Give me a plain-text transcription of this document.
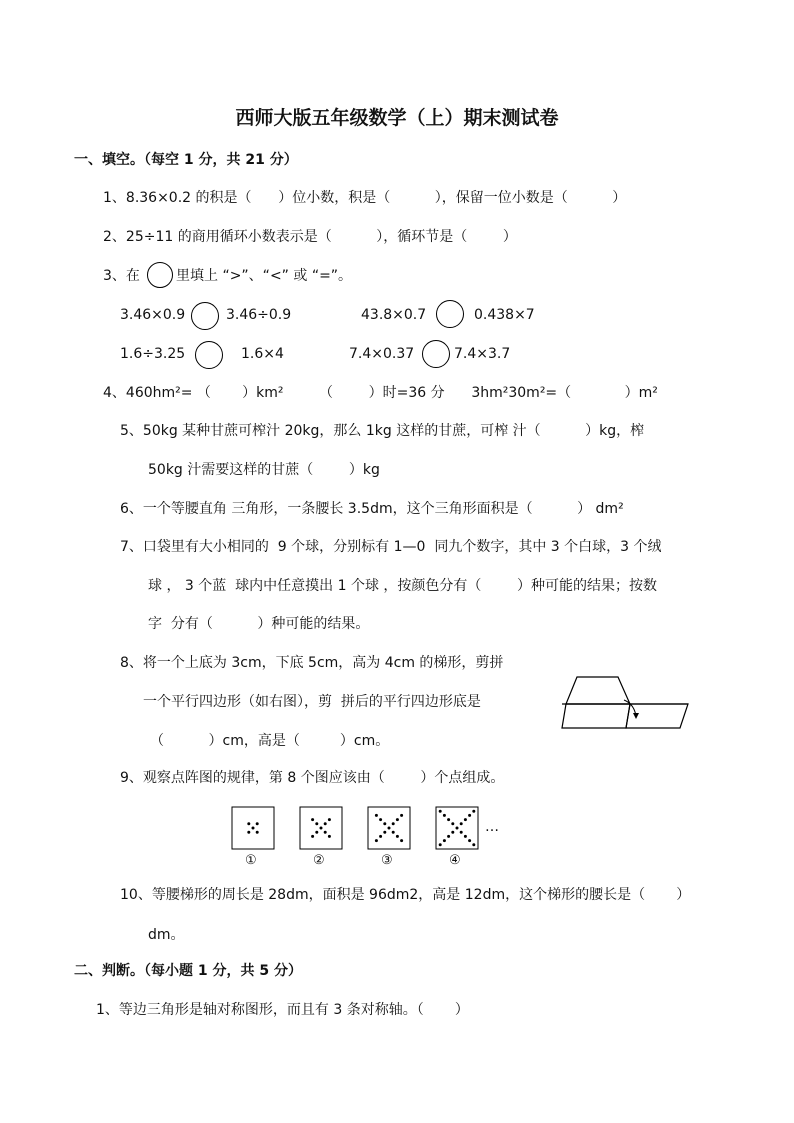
西师大版五年级数学（上）期末测试卷
一、填空。（每空 1 分，共 21 分）
1、8.36×0.2 的积是（      ）位小数，积是（          ），保留一位小数是（          ）
2、25÷11 的商用循环小数表示是（          ），循环节是（        ）
3、在	里填上 “>”、“<” 或 “=”。
3.46×0.9	3.46÷0.9	43.8×0.7	0.438×7
1.6÷3.25	1.6×4	7.4×0.37	7.4×3.7
4、460hm²= （       ）km²        （        ）时=36 分      3hm²30m²=（            ）m²
5、50kg 某种甘蔗可榨汁 20kg，那么 1kg 这样的甘蔗，可榨 汁（          ）kg，榨
50kg 汁需要这样的甘蔗（        ）kg
6、一个等腰直角 三角形，一条腰长 3.5dm，这个三角形面积是（          ） dm²
7、口袋里有大小相同的  9 个球，分别标有 1—0  同九个数字，其中 3 个白球，3 个绒
球 ， 3 个蓝  球内中任意摸出 1 个球 ，按颜色分有（        ）种可能的结果；按数
字  分有（          ）种可能的结果。
8、将一个上底为 3cm，下底 5cm，高为 4cm 的梯形，剪拼
一个平行四边形（如右图），剪  拼后的平行四边形底是
（          ）cm，高是（         ）cm。
9、观察点阵图的规律，第 8 个图应该由（        ）个点组成。
①	②	③	④
…
10、等腰梯形的周长是 28dm，面积是 96dm2，高是 12dm，这个梯形的腰长是（       ）
dm。
二、判断。（每小题 1 分，共 5 分）
1、等边三角形是轴对称图形，而且有 3 条对称轴。（       ）
